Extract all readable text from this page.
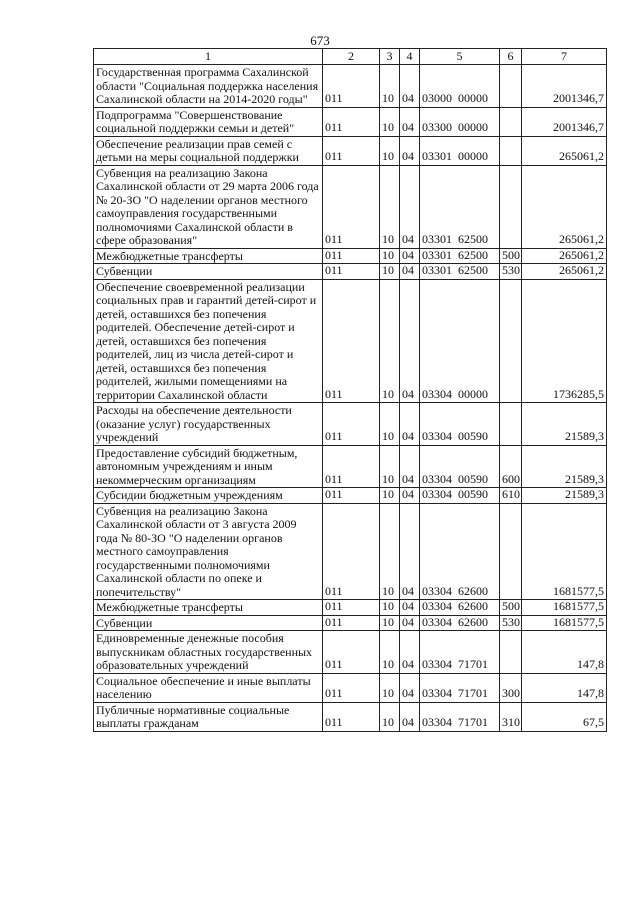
673
1	2	3	4	5	6	7
Государственная программа Сахалинской области "Социальная поддержка населения Сахалинской области на 2014-2020 годы"	011	10	04	03000  00000		2001346,7
Подпрограмма "Совершенствование социальной поддержки семьи и детей"	011	10	04	03300  00000		2001346,7
Обеспечение реализации прав семей с детьми на меры социальной поддержки	011	10	04	03301  00000		265061,2
Субвенция на реализацию Закона Сахалинской области от 29 марта 2006 года № 20-ЗО "О наделении органов местного самоуправления государственными полномочиями Сахалинской области в сфере образования"	011	10	04	03301  62500		265061,2
Межбюджетные трансферты	011	10	04	03301  62500	500	265061,2
Субвенции	011	10	04	03301  62500	530	265061,2
Обеспечение своевременной реализации социальных прав и гарантий детей-сирот и детей, оставшихся без попечения родителей. Обеспечение детей-сирот и детей, оставшихся без попечения родителей, лиц из числа детей-сирот и детей, оставшихся без попечения родителей, жилыми помещениями на территории Сахалинской области	011	10	04	03304  00000		1736285,5
Расходы на обеспечение деятельности (оказание услуг) государственных учреждений	011	10	04	03304  00590		21589,3
Предоставление субсидий бюджетным, автономным учреждениям и иным некоммерческим организациям	011	10	04	03304  00590	600	21589,3
Субсидии бюджетным учреждениям	011	10	04	03304  00590	610	21589,3
Субвенция на реализацию Закона Сахалинской области от 3 августа 2009 года № 80-ЗО "О наделении органов местного самоуправления государственными полномочиями Сахалинской области по опеке и попечительству"	011	10	04	03304  62600		1681577,5
Межбюджетные трансферты	011	10	04	03304  62600	500	1681577,5
Субвенции	011	10	04	03304  62600	530	1681577,5
Единовременные денежные пособия выпускникам областных государственных образовательных учреждений	011	10	04	03304  71701		147,8
Социальное обеспечение и иные выплаты населению	011	10	04	03304  71701	300	147,8
Публичные нормативные социальные выплаты гражданам	011	10	04	03304  71701	310	67,5
